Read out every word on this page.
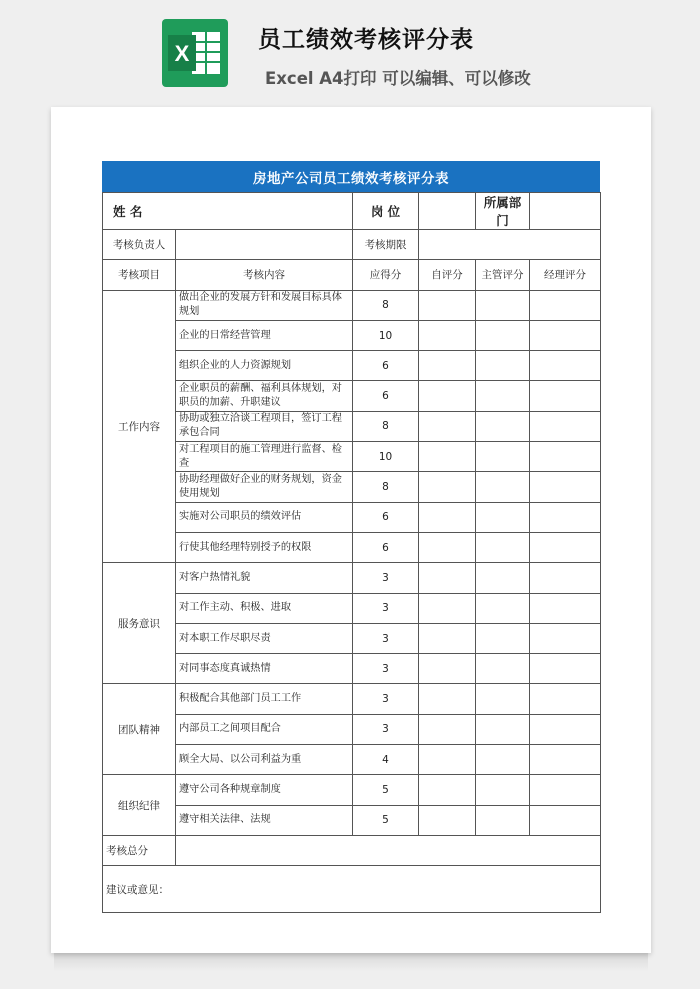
X
员工绩效考核评分表
Excel A4打印 可以编辑、可以修改
房地产公司员工绩效考核评分表
姓 名		岗 位		所属部门	
考核负责人		考核期限			
考核项目	考核内容	应得分	自评分	主管评分	经理评分
工作内容	做出企业的发展方针和发展目标具体规划	8			
	企业的日常经营管理	10			
	组织企业的人力资源规划	6			
	企业职员的薪酬、福利具体规划，对职员的加薪、升职建议	6			
	协助或独立洽谈工程项目，签订工程承包合同	8			
	对工程项目的施工管理进行监督、检查	10			
	协助经理做好企业的财务规划，资金使用规划	8			
	实施对公司职员的绩效评估	6			
	行使其他经理特别授予的权限	6			
服务意识	对客户热情礼貌	3			
	对工作主动、积极、进取	3			
	对本职工作尽职尽责	3			
	对同事态度真诚热情	3			
团队精神	积极配合其他部门员工工作	3			
	内部员工之间项目配合	3			
	顾全大局、以公司利益为重	4			
组织纪律	遵守公司各种规章制度	5			
	遵守相关法律、法规	5			
考核总分					
建议或意见：					
